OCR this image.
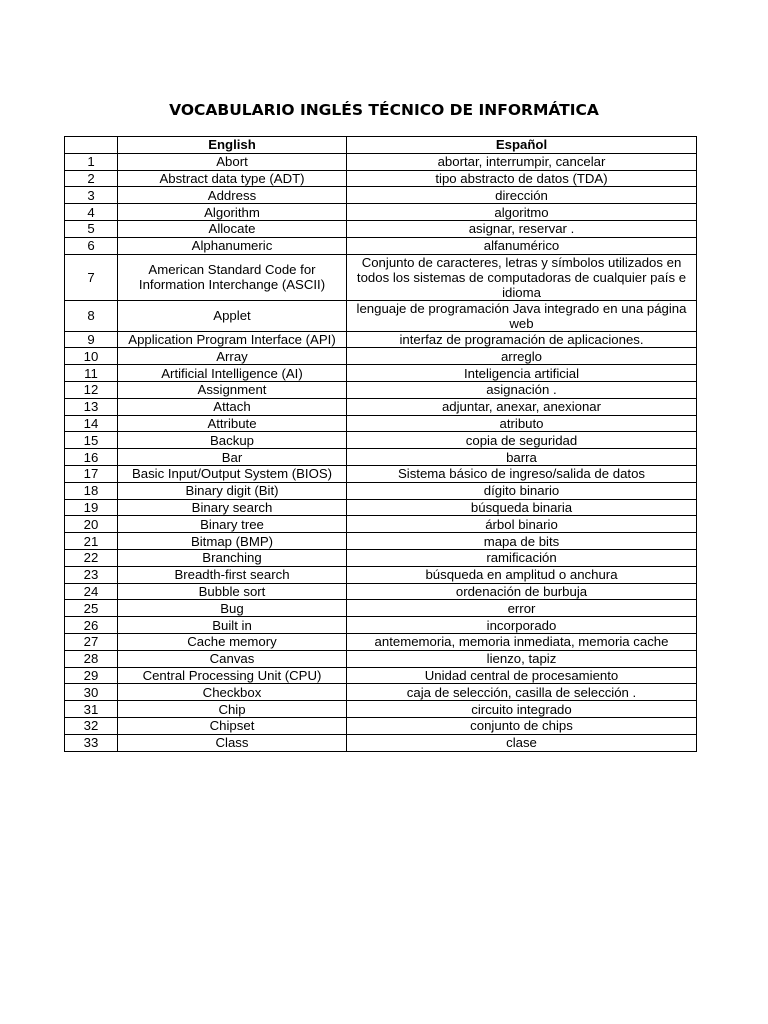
VOCABULARIO INGLÉS TÉCNICO DE INFORMÁTICA
	English	Español
1	Abort	abortar, interrumpir, cancelar
2	Abstract data type (ADT)	tipo abstracto de datos (TDA)
3	Address	dirección
4	Algorithm	algoritmo
5	Allocate	asignar, reservar .
6	Alphanumeric	alfanumérico
7	American Standard Code for Information Interchange (ASCII)	Conjunto de caracteres, letras y símbolos utilizados en todos los sistemas de computadoras de cualquier país e idioma
8	Applet	lenguaje de programación Java integrado en una página web
9	Application Program Interface (API)	interfaz de programación de aplicaciones.
10	Array	arreglo
11	Artificial Intelligence (AI)	Inteligencia artificial
12	Assignment	asignación .
13	Attach	adjuntar, anexar, anexionar
14	Attribute	atributo
15	Backup	copia de seguridad
16	Bar	barra
17	Basic Input/Output System (BIOS)	Sistema básico de ingreso/salida de datos
18	Binary digit (Bit)	dígito binario
19	Binary search	búsqueda binaria
20	Binary tree	árbol binario
21	Bitmap (BMP)	mapa de bits
22	Branching	ramificación
23	Breadth-first search	búsqueda en amplitud o anchura
24	Bubble sort	ordenación de burbuja
25	Bug	error
26	Built in	incorporado
27	Cache memory	antememoria, memoria inmediata, memoria cache
28	Canvas	lienzo, tapiz
29	Central Processing Unit (CPU)	Unidad central de procesamiento
30	Checkbox	caja de selección, casilla de selección .
31	Chip	circuito integrado
32	Chipset	conjunto de chips
33	Class	clase
